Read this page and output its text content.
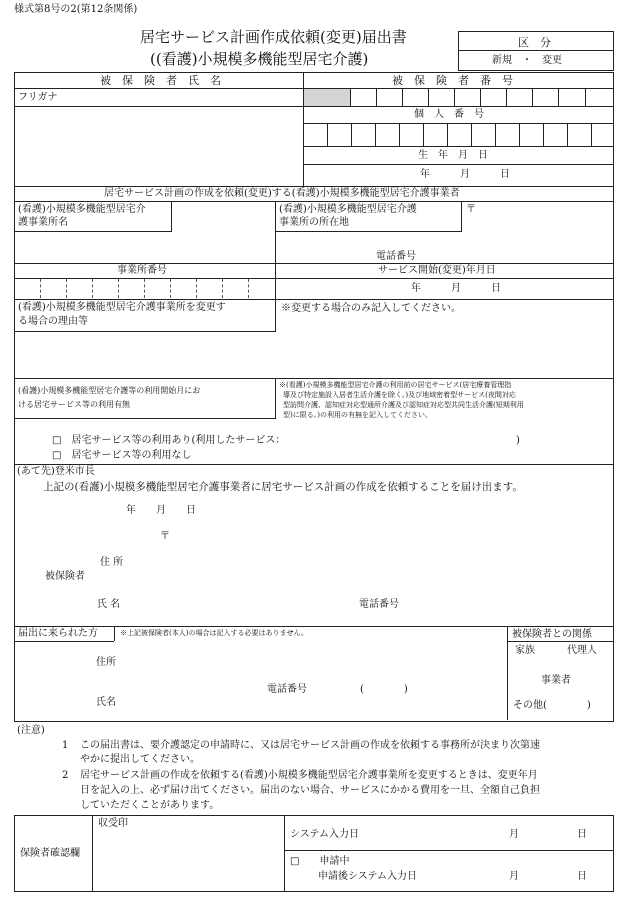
様式第8号の2(第12条関係)
居宅サービス計画作成依頼(変更)届出書
((看護)小規模多機能型居宅介護)
区　分
新規　・　変更
被　保　険　者　氏　名	被　保　険　者　番　号
フリガナ
個　人　番　号
生　年　月　日
年　　　月　　　日
居宅サービス計画の作成を依頼(変更)する(看護)小規模多機能型居宅介護事業者
(看護)小規模多機能型居宅介
護事業所名
(看護)小規模多機能型居宅介護
事業所の所在地
〒
電話番号
事業所番号	サービス開始(変更)年月日
年　　　月　　　日
(看護)小規模多機能型居宅介護事業所を変更す
る場合の理由等
※変更する場合のみ記入してください。
(看護)小規模多機能型居宅介護等の利用開始月にお
ける居宅サービス等の利用有無
※(看護)小規模多機能型居宅介護の利用前の居宅サービス(居宅療養管理指
導及び特定施設入居者生活介護を除く。)及び地域密着型サービス(夜間対応
型訪問介護、認知症対応型通所介護及び認知症対応型共同生活介護(短期利用
型)に限る。)の利用の有無を記入してください。
□　居宅サービス等の利用あり(利用したサービス：	)
□　居宅サービス等の利用なし
(あて先)登米市長
上記の(看護)小規模多機能型居宅介護事業者に居宅サービス計画の作成を依頼することを届け出ます。
年　　月　　日
〒
住 所
被保険者
氏 名	電話番号
届出に来られた方	※上記被保険者(本人)の場合は記入する必要はありません。
住所
電話番号	(　　　　)
氏名
被保険者との関係
家族	代理人
事業者
その他(　　　　)
(注意)
1 この届出書は、要介護認定の申請時に、又は居宅サービス計画の作成を依頼する事務所が決まり次第速
やかに提出してください。
2 居宅サービス計画の作成を依頼する(看護)小規模多機能型居宅介護事業所を変更するときは、変更年月
日を記入の上、必ず届け出てください。届出のない場合、サービスにかかる費用を一旦、全額自己負担
していただくことがあります。
保険者確認欄
収受印
システム入力日	月	日
□　　申請中
申請後システム入力日	月	日
